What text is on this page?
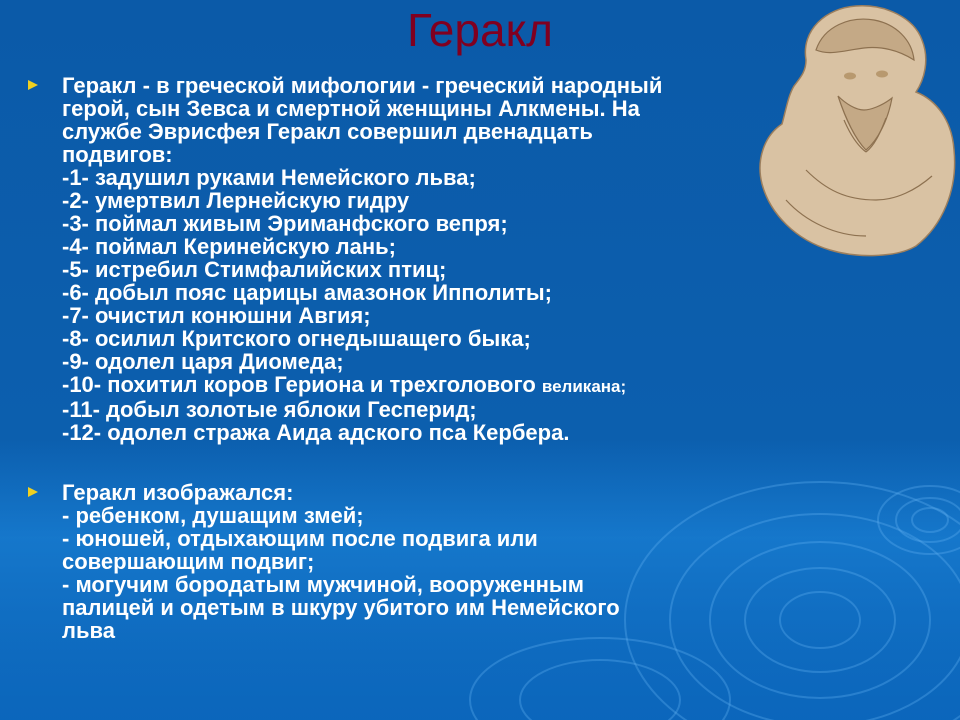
Геракл
Геракл - в греческой мифологии - греческий народный
герой, сын Зевса и смертной женщины Алкмены. На
службе Эврисфея Геракл совершил двенадцать
подвигов:
-1- задушил руками Немейского льва;
-2- умертвил Лернейскую гидру
-3- поймал живым Эриманфского вепря;
-4- поймал Керинейскую лань;
-5- истребил Стимфалийских птиц;
-6- добыл пояс царицы амазонок Ипполиты;
-7- очистил конюшни Авгия;
-8- осилил Критского огнедышащего быка;
-9- одолел царя Диомеда;
-10- похитил коров Гериона и трехголового великана;
-11- добыл золотые яблоки Гесперид;
-12- одолел стража Аида адского пса Кербера.
Геракл изображался:
- ребенком, душащим змей;
- юношей, отдыхающим после подвига или
совершающим подвиг;
- могучим бородатым мужчиной, вооруженным
палицей и одетым в шкуру убитого им Немейского
льва
